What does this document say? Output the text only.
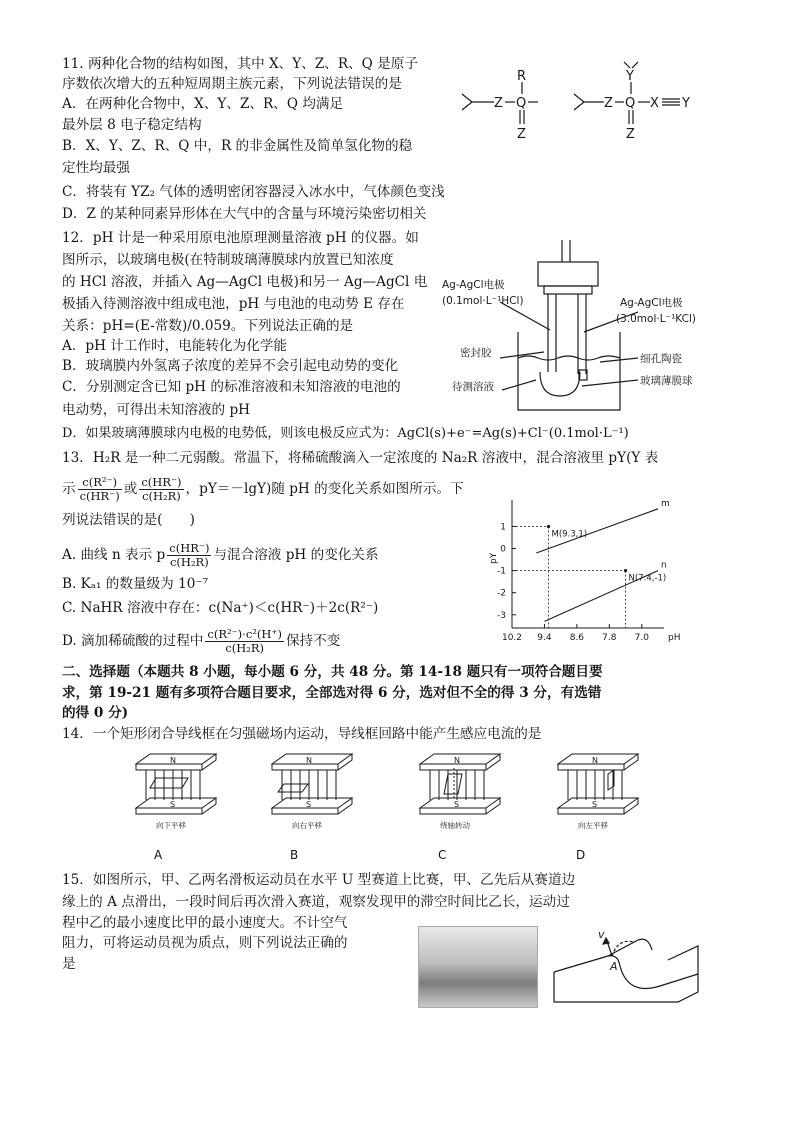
11. 两种化合物的结构如图，其中 X、Y、Z、R、Q 是原子
序数依次增大的五种短周期主族元素，下列说法错误的是
A．在两种化合物中，X、Y、Z、R、Q 均满足
最外层 8 电子稳定结构
B．X、Y、Z、R、Q 中，R 的非金属性及简单氢化物的稳
定性均最强
C．将装有 YZ₂ 气体的透明密闭容器浸入冰水中，气体颜色变浅
D．Z 的某种同素异形体在大气中的含量与环境污染密切相关
Z
R
Q
Z
Z
Y
Q X Y
Z
12．pH 计是一种采用原电池原理测量溶液 pH 的仪器。如
图所示，以玻璃电极(在特制玻璃薄膜球内放置已知浓度
的 HCl 溶液，并插入 Ag—AgCl 电极)和另一 Ag—AgCl 电
极插入待测溶液中组成电池，pH 与电池的电动势 E 存在
关系：pH=(E-常数)/0.059。下列说法正确的是
A．pH 计工作时，电能转化为化学能
B．玻璃膜内外氢离子浓度的差异不会引起电动势的变化
C．分别测定含已知 pH 的标准溶液和未知溶液的电池的
电动势，可得出未知溶液的 pH
D．如果玻璃薄膜球内电极的电势低，则该电极反应式为：AgCl(s)+e⁻=Ag(s)+Cl⁻(0.1mol·L⁻¹)
Ag-AgCl电极
(0.1mol·L⁻¹HCl)	Ag-AgCl电极
(3.0mol·L⁻¹KCl)
密封胶
待测溶液
细孔陶瓷
玻璃薄膜球
13．H₂R 是一种二元弱酸。常温下，将稀硫酸滴入一定浓度的 Na₂R 溶液中，混合溶液里 pY(Y 表
示 $\frac{\text{c(R²⁻)}}{c(HR^-)}$ 或 $\frac{c(HR^-)}{\text{c(H₂R)}}$ ，pY＝－lgY)随 pH 的变化关系如图所示。下
列说法错误的是(　　)
A. 曲线 n 表示 p $\frac{c(HR^-)}{\text{c(H₂R)}}$ 与混合溶液 pH 的变化关系
B. Kₐ₁ 的数量级为 10⁻⁷
C. NaHR 溶液中存在：c(Na⁺)＜c(HR⁻)＋2c(R²⁻)
D. 滴加稀硫酸的过程中 $\frac{\text{c(R²⁻)·c²(H⁺)}}{\text{c(H₂R)}}$ 保持不变
1
0
-1
-2
-3
10.2 9.4 8.6 7.8 7.0 pH
pY
m
n
M(9.3,1)
N(7.4,-1)
二、选择题（本题共 8 小题，每小题 6 分，共 48 分。第 14-18 题只有一项符合题目要
求，第 19-21 题有多项符合题目要求，全部选对得 6 分，选对但不全的得 3 分，有选错
的得 0 分)
14．一个矩形闭合导线框在匀强磁场内运动，导线框回路中能产生感应电流的是
N
S
向下平移
A
N
S
向右平移
B
N
S
绕轴转动
C
N
S
向左平移
D
15．如图所示，甲、乙两名滑板运动员在水平 U 型赛道上比赛，甲、乙先后从赛道边
缘上的 A 点滑出，一段时间后再次滑入赛道，观察发现甲的滞空时间比乙长，运动过
程中乙的最小速度比甲的最小速度大。不计空气
阻力，可将运动员视为质点，则下列说法正确的
是
v
A
